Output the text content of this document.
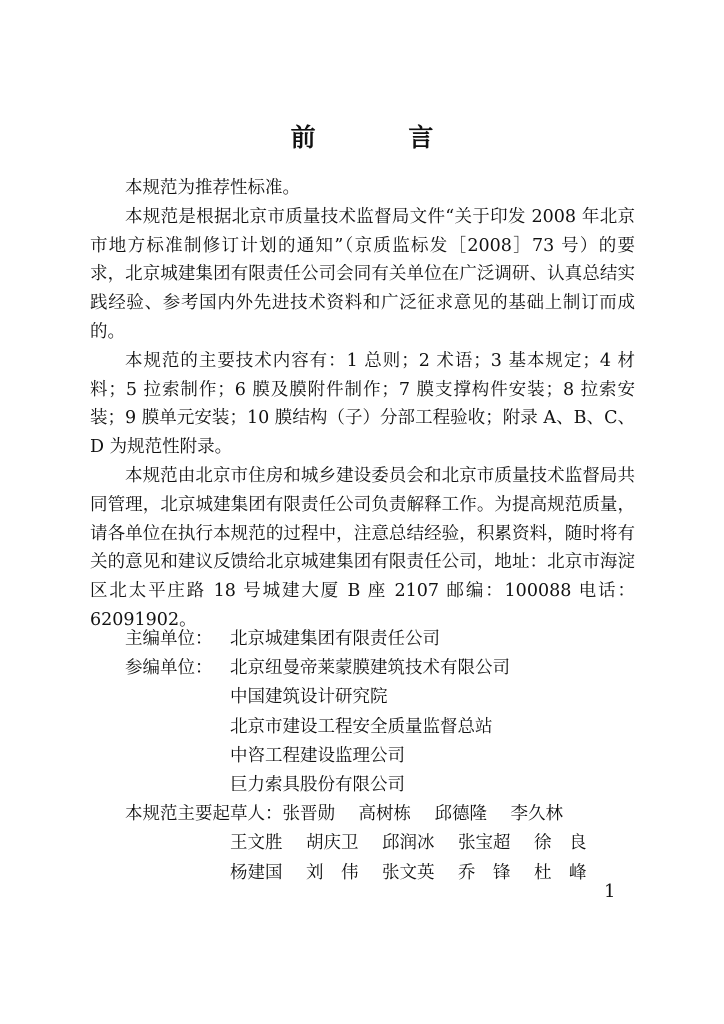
前 言

本规范为推荐性标准。

本规范是根据北京市质量技术监督局文件“关于印发 2008 年北京市地方标准制修订计划的通知”（京质监标发［2008］73 号）的要求，北京城建集团有限责任公司会同有关单位在广泛调研、认真总结实践经验、参考国内外先进技术资料和广泛征求意见的基础上制订而成的。

本规范的主要技术内容有：1 总则；2 术语；3 基本规定；4 材料；5 拉索制作；6 膜及膜附件制作；7 膜支撑构件安装；8 拉索安装；9 膜单元安装；10 膜结构（子）分部工程验收；附录 A、B、C、D 为规范性附录。

本规范由北京市住房和城乡建设委员会和北京市质量技术监督局共同管理，北京城建集团有限责任公司负责解释工作。为提高规范质量，请各单位在执行本规范的过程中，注意总结经验，积累资料，随时将有关的意见和建议反馈给北京城建集团有限责任公司，地址：北京市海淀区北太平庄路 18 号城建大厦 B 座 2107 邮编：100088 电话：62091902。

主编单位：	北京城建集团有限责任公司
参编单位：	北京纽曼帝莱蒙膜建筑技术有限公司
中国建筑设计研究院
北京市建设工程安全质量监督总站
中咨工程建设监理公司
巨力索具股份有限公司
本规范主要起草人： 张晋勋	高树栋	邱德隆	李久林
王文胜	胡庆卫	邱润冰	张宝超	徐　良
杨建国	刘　伟	张文英	乔　锋	杜　峰
1
